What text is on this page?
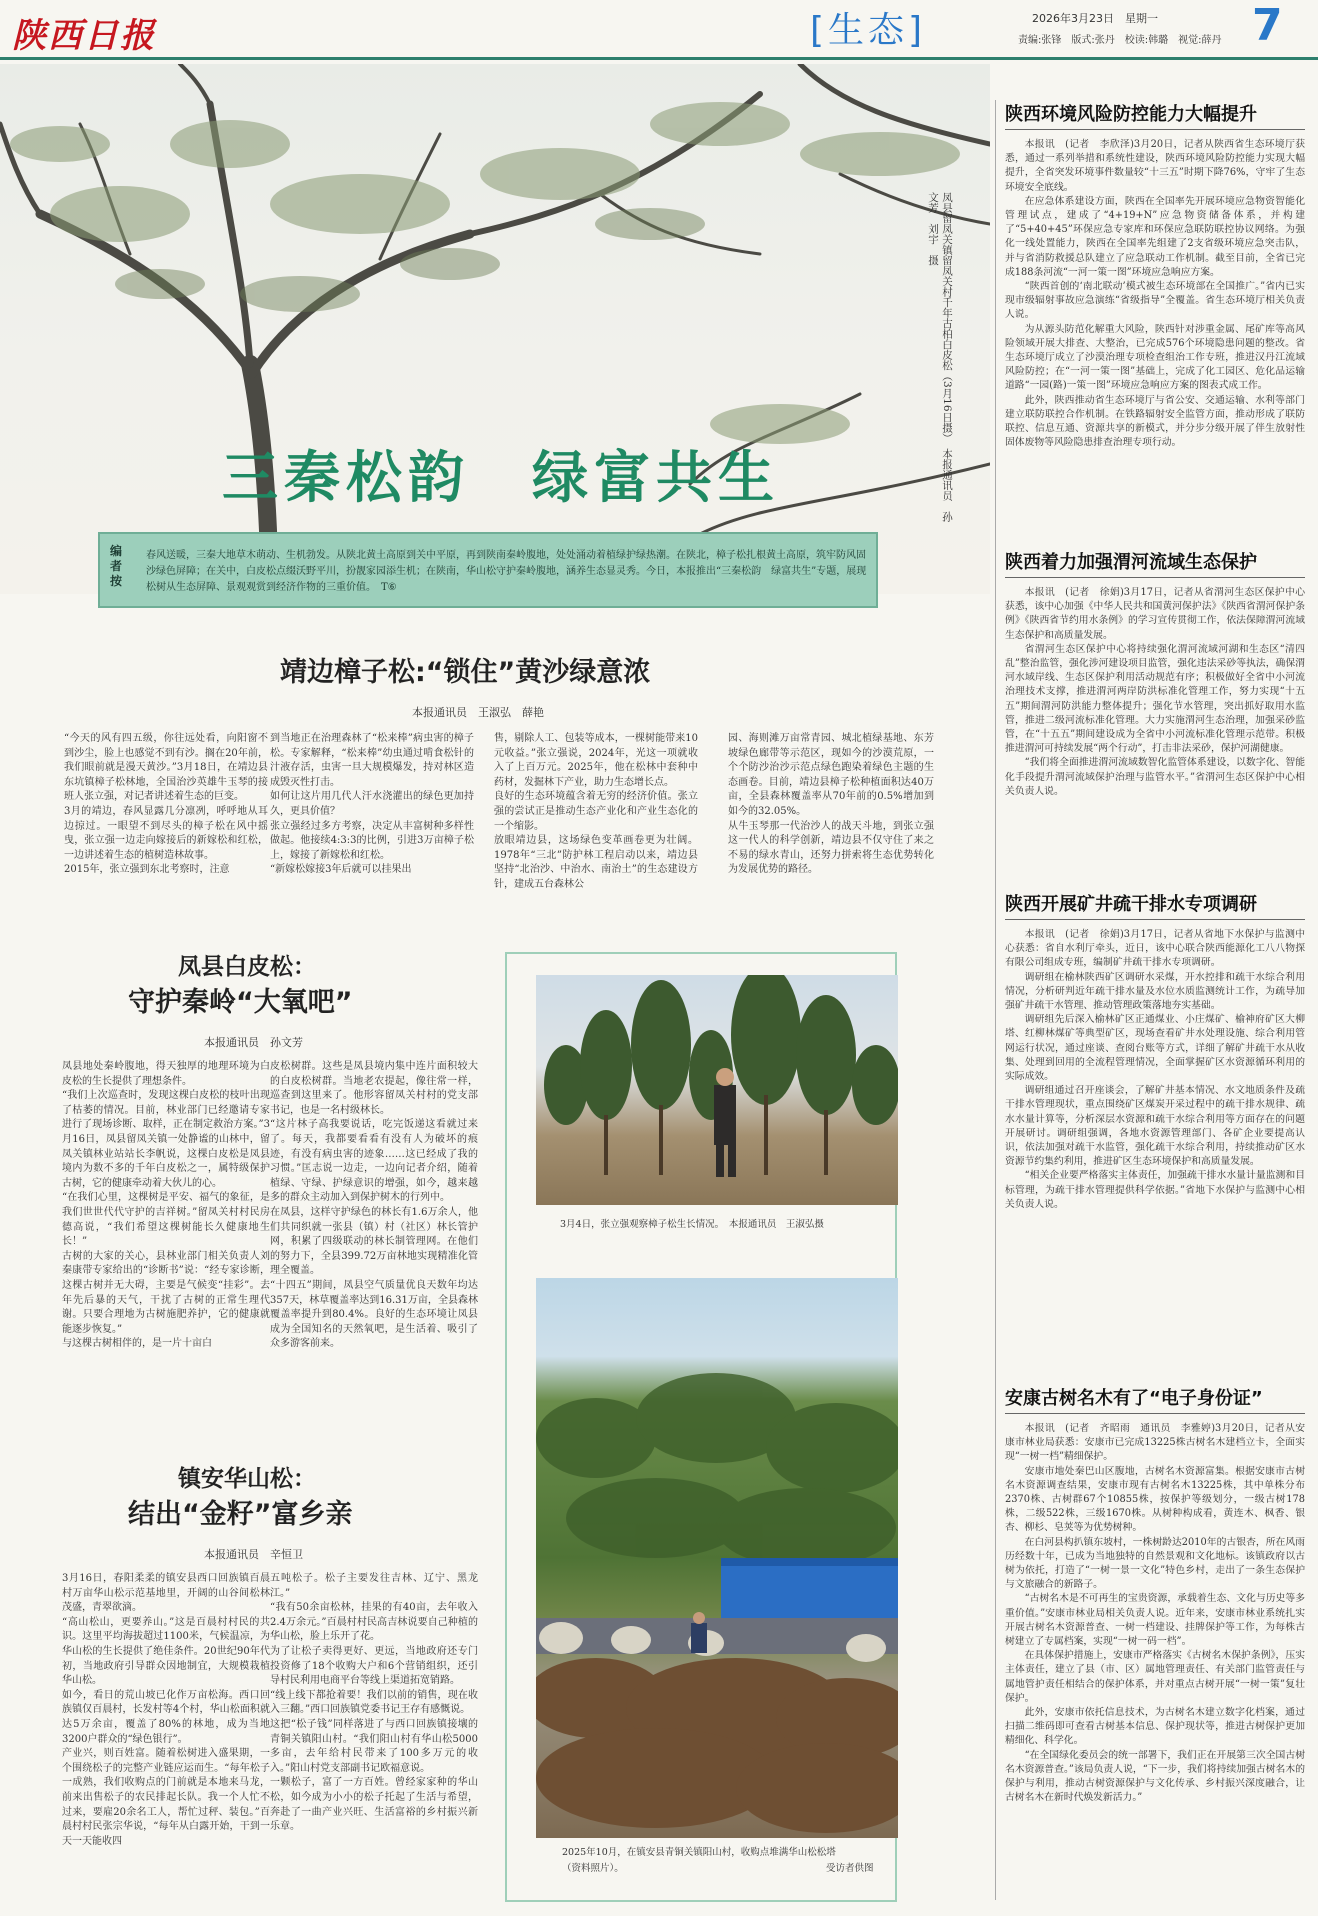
陕西日报	[生态]	2026年3月23日　星期一
责编:张锋　版式:张丹　校读:韩璐　视觉:薛丹 7
三秦松韵　绿富共生	凤县留凤关镇留凤关村千年古柏白皮松（3月16日摄）　本报通讯员　孙文芳　刘宇　摄
编者按
春风送暖，三秦大地草木萌动、生机勃发。从陕北黄土高原到关中平原，再到陕南秦岭腹地，处处涌动着植绿护绿热潮。在陕北，樟子松扎根黄土高原，筑牢防风固沙绿色屏障；在关中，白皮松点缀沃野平川，扮靓家园添生机；在陕南，华山松守护秦岭腹地，涵养生态显灵秀。今日，本报推出“三秦松韵　绿富共生”专题，展现松树从生态屏障、景观观赏到经济作物的三重价值。　T⑥
靖边樟子松:“锁住”黄沙绿意浓
本报通讯员　王淑弘　薛艳
“今天的风有四五级，你往远处看，向阳窗不到沙尘，脸上也感觉不到有沙。搁在20年前，我们眼前就是漫天黄沙。”3月18日，在靖边县东坑镇樟子松林地，全国治沙英雄牛玉琴的接班人张立强，对记者讲述着生态的巨变。
3月的靖边，春风显露几分凛冽，呼呼地从耳边掠过。一眼望不到尽头的樟子松在风中摇曳，张立强一边走向嫁接后的新嫁松和红松，一边讲述着生态的植树造林故事。
2015年，张立强到东北考察时，注意
到当地正在治理森林了“松来棒”病虫害的樟子松。专家解释，“松来棒”幼虫通过啃食松针的汁液存活，虫害一旦大规模爆发，持对林区造成毁灭性打击。
如何让这片用几代人汗水浇灌出的绿色更加持久，更具价值？
张立强经过多方考察，决定从丰富树种多样性做起。他接续4:3:3的比例，引进3万亩樟子松上，嫁接了新嫁松和红松。
“新嫁松嫁接3年后就可以挂果出
售，剔除人工、包装等成本，一棵树能带来10元收益。”张立强说，2024年，光这一项就收入了上百万元。2025年，他在松林中套种中药材，发掘林下产业，助力生态增长点。
良好的生态环境蕴含着无穷的经济价值。张立强的尝试正是推动生态产业化和产业生态化的一个缩影。
放眼靖边县，这场绿色变革画卷更为壮阔。1978年“三北”防护林工程启动以来，靖边县坚持“北治沙、中治水、南治土”的生态建设方针，建成五台森林公
园、海则滩万亩常青园、城北植绿基地、东芳坡绿色廊带等示范区，现如今的沙漠荒原，一个个防沙治沙示范点绿色跑染着绿色主题的生态画卷。目前，靖边县樟子松种植面积达40万亩，全县森林覆盖率从70年前的0.5%增加到如今的32.05%。
从牛玉琴那一代治沙人的战天斗地，到张立强这一代人的科学创新，靖边县不仅守住了来之不易的绿水青山，还努力拼索将生态优势转化为发展优势的路径。
凤县白皮松：
守护秦岭“大氧吧”
本报通讯员　孙文芳
凤县地处秦岭腹地，得天独厚的地理环境为白皮松的生长提供了理想条件。
“我们上次巡查时，发现这棵白皮松的枝叶出现了枯萎的情况。目前，林业部门已经邀请专家进行了现场诊断、取样，正在制定救治方案。”3月16日，凤县留凤关镇一处静谧的山林中，留凤关镇林业站站长李帆说，这棵白皮松是凤县境内为数不多的千年白皮松之一，属特级保护古树，它的健康牵动着大伙儿的心。
“在我们心里，这棵树是平安、福气的象征，是我们世世代代守护的吉祥树。”留凤关村村民房德高说，“我们希望这棵树能长久健康地生长！”
古树的大家的关心，县林业部门相关负责人刘秦康带专家给出的“诊断书”说：“经专家诊断，这棵古树并无大碍，主要是气候变“挂彩”。去年先后暴的天气，干扰了古树的正常生理代谢。只要合理地为古树施肥养护，它的健康就能逐步恢复。”
与这棵古树相伴的，是一片十亩白
皮松树群。这些是凤县境内集中连片面积较大的白皮松树群。当地老农提起，像往常一样，巡查到这里来了。他形容留凤关村村的党支部书记，也是一名村级林长。
“这片林子高我要说话，吃完饭递这看就过来了。每天，我都要看看有没有人为破坏的痕迹，有没有病虫害的迹象……这已经成了我的习惯。”匡志说一边走，一边向记者介绍，随着植绿、守绿、护绿意识的增强，如今，越来越多的群众主动加入到保护树木的行列中。
在凤县，这样守护绿色的林长有1.6万余人，他们共同织就一张县（镇）村（社区）林长管护网，积累了四级联动的林长制管理网。在他们的努力下，全县399.72万亩林地实现精准化管理全覆盖。
“十四五”期间，凤县空气质量优良天数年均达357天，林草覆盖率达到16.31万亩，全县森林覆盖率提升到80.4%。良好的生态环境让凤县成为全国知名的天然氧吧，是生活着、吸引了众多游客前来。
镇安华山松：
结出“金籽”富乡亲
本报通讯员　辛恒卫
3月16日，春阳柔柔的镇安县西口回族镇百晨村万亩华山松示范基地里，开阔的山谷间松林茂盛，青翠欲滴。
“高山松山，更要养山。”这是百晨村村民的共识。这里平均海拔超过1100米，气候温凉，为华山松的生长提供了绝佳条件。20世纪90年代初，当地政府引导群众因地制宜，大规模栽植华山松。
如今，看日的荒山坡已化作万亩松海。西口回族镇仅百晨村，长发村等4个村，华山松面积就达5万余亩，覆盖了80%的林地，成为当地3200户群众的“绿色银行”。
产业兴，则百姓富。随着松树进入盛果期，一个围绕松子的完整产业链应运而生。“每年松子一成熟，我们收购点的门前就是本地来马龙，前来出售松子的农民排起长队。我一个人忙不过来，要雇20余名工人，帮忙过秤、装包。”百晨村村民张宗华说，“每年从白露开始，干到一天一天能收四
五吨松子。松子主要发往吉林、辽宁、黑龙江。”
“我有50余亩松林，挂果的有40亩，去年收入2.4万余元。”百晨村村民高吉林说要自己种植的华山松，脸上乐开了花。
为了让松子卖得更好、更远，当地政府还专门投资修了18个收购大户和6个营销组织，还引导村民利用电商平台等线上渠道拓宽销路。
“线上线下都抢着要！我们以前的销售，现在收入三翻。”西口回族镇党委书记王存有感慨说。
这把“松子钱”同样落进了与西口回族镇接壤的青铜关镇阳山村。“我们阳山村有华山松5000多亩，去年给村民带来了100多万元的收入。”阳山村党支部副书记欧福意说。
一颗松子，富了一方百姓。曾经家家种的华山松，如今成为小小的松子托起了生活与希望，奔赴了一曲产业兴旺、生活富裕的乡村振兴新乐章。
3月4日，张立强观察樟子松生长情况。　本报通讯员　王淑弘摄
2025年10月，在镇安县青铜关镇阳山村，收购点堆满华山松松塔
（资料照片）。	受访者供图
陕西环境风险防控能力大幅提升

本报讯　(记者　李欣泽)3月20日，记者从陕西省生态环境厅获悉，通过一系列举措和系统性建设，陕西环境风险防控能力实现大幅提升，全省突发环境事件数量较“十三五”时期下降76%，守牢了生态环境安全底线。

在应急体系建设方面，陕西在全国率先开展环境应急物资智能化管理试点，建成了“4+19+N”应急物资储备体系，并构建了“5+40+45”环保应急专家库和环保应急联防联控协议网络。为强化一线处置能力，陕西在全国率先组建了2支省级环境应急突击队，并与省消防救援总队建立了应急联动工作机制。截至目前，全省已完成188条河流“一河一策一图”环境应急响应方案。

“陕西首创的‘南北联动’模式被生态环境部在全国推广。”省内已实现市级辐射事故应急演练“省级指导”全覆盖。省生态环境厅相关负责人说。

为从源头防范化解重大风险，陕西针对涉重金属、尾矿库等高风险领域开展大排查、大整治，已完成576个环境隐患问题的整改。省生态环境厅成立了沙漠治理专项检查组治工作专班，推进汉丹江流域风险防控；在“一河一策一图”基础上，完成了化工园区、危化品运输道路“一园(路)一策一图”环境应急响应方案的图表式成工作。

此外，陕西推动省生态环境厅与省公安、交通运输、水利等部门建立联防联控合作机制。在铁路辐射安全监管方面，推动形成了联防联控、信息互通、资源共享的新模式，并分步分级开展了伴生放射性固体废物等风险隐患排查治理专项行动。

陕西着力加强渭河流域生态保护

本报讯　(记者　徐娟)3月17日，记者从省渭河生态区保护中心获悉，该中心加强《中华人民共和国黄河保护法》《陕西省渭河保护条例》《陕西省节约用水条例》的学习宣传贯彻工作，依法保障渭河流域生态保护和高质量发展。

省渭河生态区保护中心将持续强化渭河流域河湖和生态区“清四乱”整治监管，强化涉河建设项目监管，强化违法采砂等执法，确保渭河水域岸线、生态区保护利用活动规范有序；积极做好全省中小河流治理技术支撑，推进渭河两岸防洪标准化管理工作，努力实现“十五五”期间渭河防洪能力整体提升；强化节水管理，突出抓好取用水监管，推进二级河流标准化管理。大力实施渭河生态治理，加强采砂监管，在“十五五”期间建设成为全省中小河流标准化管理示范带。积极推进渭河可持续发展“两个行动”，打击非法采砂，保护河湖健康。

“我们将全面推进渭河流域数智化监管体系建设，以数字化、智能化手段提升渭河流域保护治理与监管水平。”省渭河生态区保护中心相关负责人说。

陕西开展矿井疏干排水专项调研

本报讯　(记者　徐娟)3月17日，记者从省地下水保护与监测中心获悉：省自水利厅牵头，近日，该中心联合陕西能源化工八八物探有限公司组成专班，编制矿井疏干排水专项调研。

调研组在榆林陕西矿区调研水采煤，开水控排和疏干水综合利用情况，分析研判近年疏干排水量及水位水质监测统计工作，为疏导加强矿井疏干水管理、推动管理政策落地夯实基础。

调研组先后深入榆林矿区正通煤业、小庄煤矿、榆神府矿区大柳塔、红柳林煤矿等典型矿区，现场查看矿井水处理设施、综合利用管网运行状况，通过座谈、查阅台账等方式，详细了解矿井疏干水从收集、处理到回用的全流程管理情况，全面掌握矿区水资源循环利用的实际成效。

调研组通过召开座谈会，了解矿井基本情况、水文地质条件及疏干排水管理现状，重点围绕矿区煤炭开采过程中的疏干排水规律、疏水水量计算等，分析深层水资源和疏干水综合利用等方面存在的问题开展研讨。调研组强调，各地水资源管理部门、各矿企业要提高认识，依法加强对疏干水监管，强化疏干水综合利用，持续推动矿区水资源节约集约利用，推进矿区生态环境保护和高质量发展。

“相关企业要严格落实主体责任，加强疏干排水水量计量监测和目标管理，为疏干排水管理提供科学依据。”省地下水保护与监测中心相关负责人说。

安康古树名木有了“电子身份证”

本报讯　(记者　齐昭雨　通讯员　李雅婷)3月20日，记者从安康市林业局获悉：安康市已完成13225株古树名木建档立卡，全面实现“一树一档”精细保护。

安康市地处秦巴山区腹地，古树名木资源富集。根据安康市古树名木资源调查结果，安康市现有古树名木13225株，其中单株分布2370株、古树群67个10855株，按保护等级划分，一级古树178株，二级522株，三级1670株。从树种构成看，黄连木、枫香、银杏、柳杉、皂荚等为优势树种。

在白河县构扒镇东坡村，一株树龄达2010年的古银杏，所在风雨历经数十年，已成为当地独特的自然景观和文化地标。该镇政府以古树为依托，打造了“一树一景一文化”特色乡村，走出了一条生态保护与文旅融合的新路子。

“古树名木是不可再生的宝贵资源，承载着生态、文化与历史等多重价值。”安康市林业局相关负责人说。近年来，安康市林业系统扎实开展古树名木资源普查、一树一档建设、挂牌保护等工作，为每株古树建立了专属档案，实现“一树一码一档”。

在具体保护措施上，安康市严格落实《古树名木保护条例》，压实主体责任，建立了县（市、区）属地管理责任、有关部门监管责任与属地管护责任相结合的保护体系，并对重点古树开展“一树一策”复壮保护。

此外，安康市依托信息技术，为古树名木建立数字化档案，通过扫描二维码即可查看古树基本信息、保护现状等，推进古树保护更加精细化、科学化。

“在全国绿化委员会的统一部署下，我们正在开展第三次全国古树名木资源普查。”该局负责人说，“下一步，我们将持续加强古树名木的保护与利用，推动古树资源保护与文化传承、乡村振兴深度融合，让古树名木在新时代焕发新活力。”
